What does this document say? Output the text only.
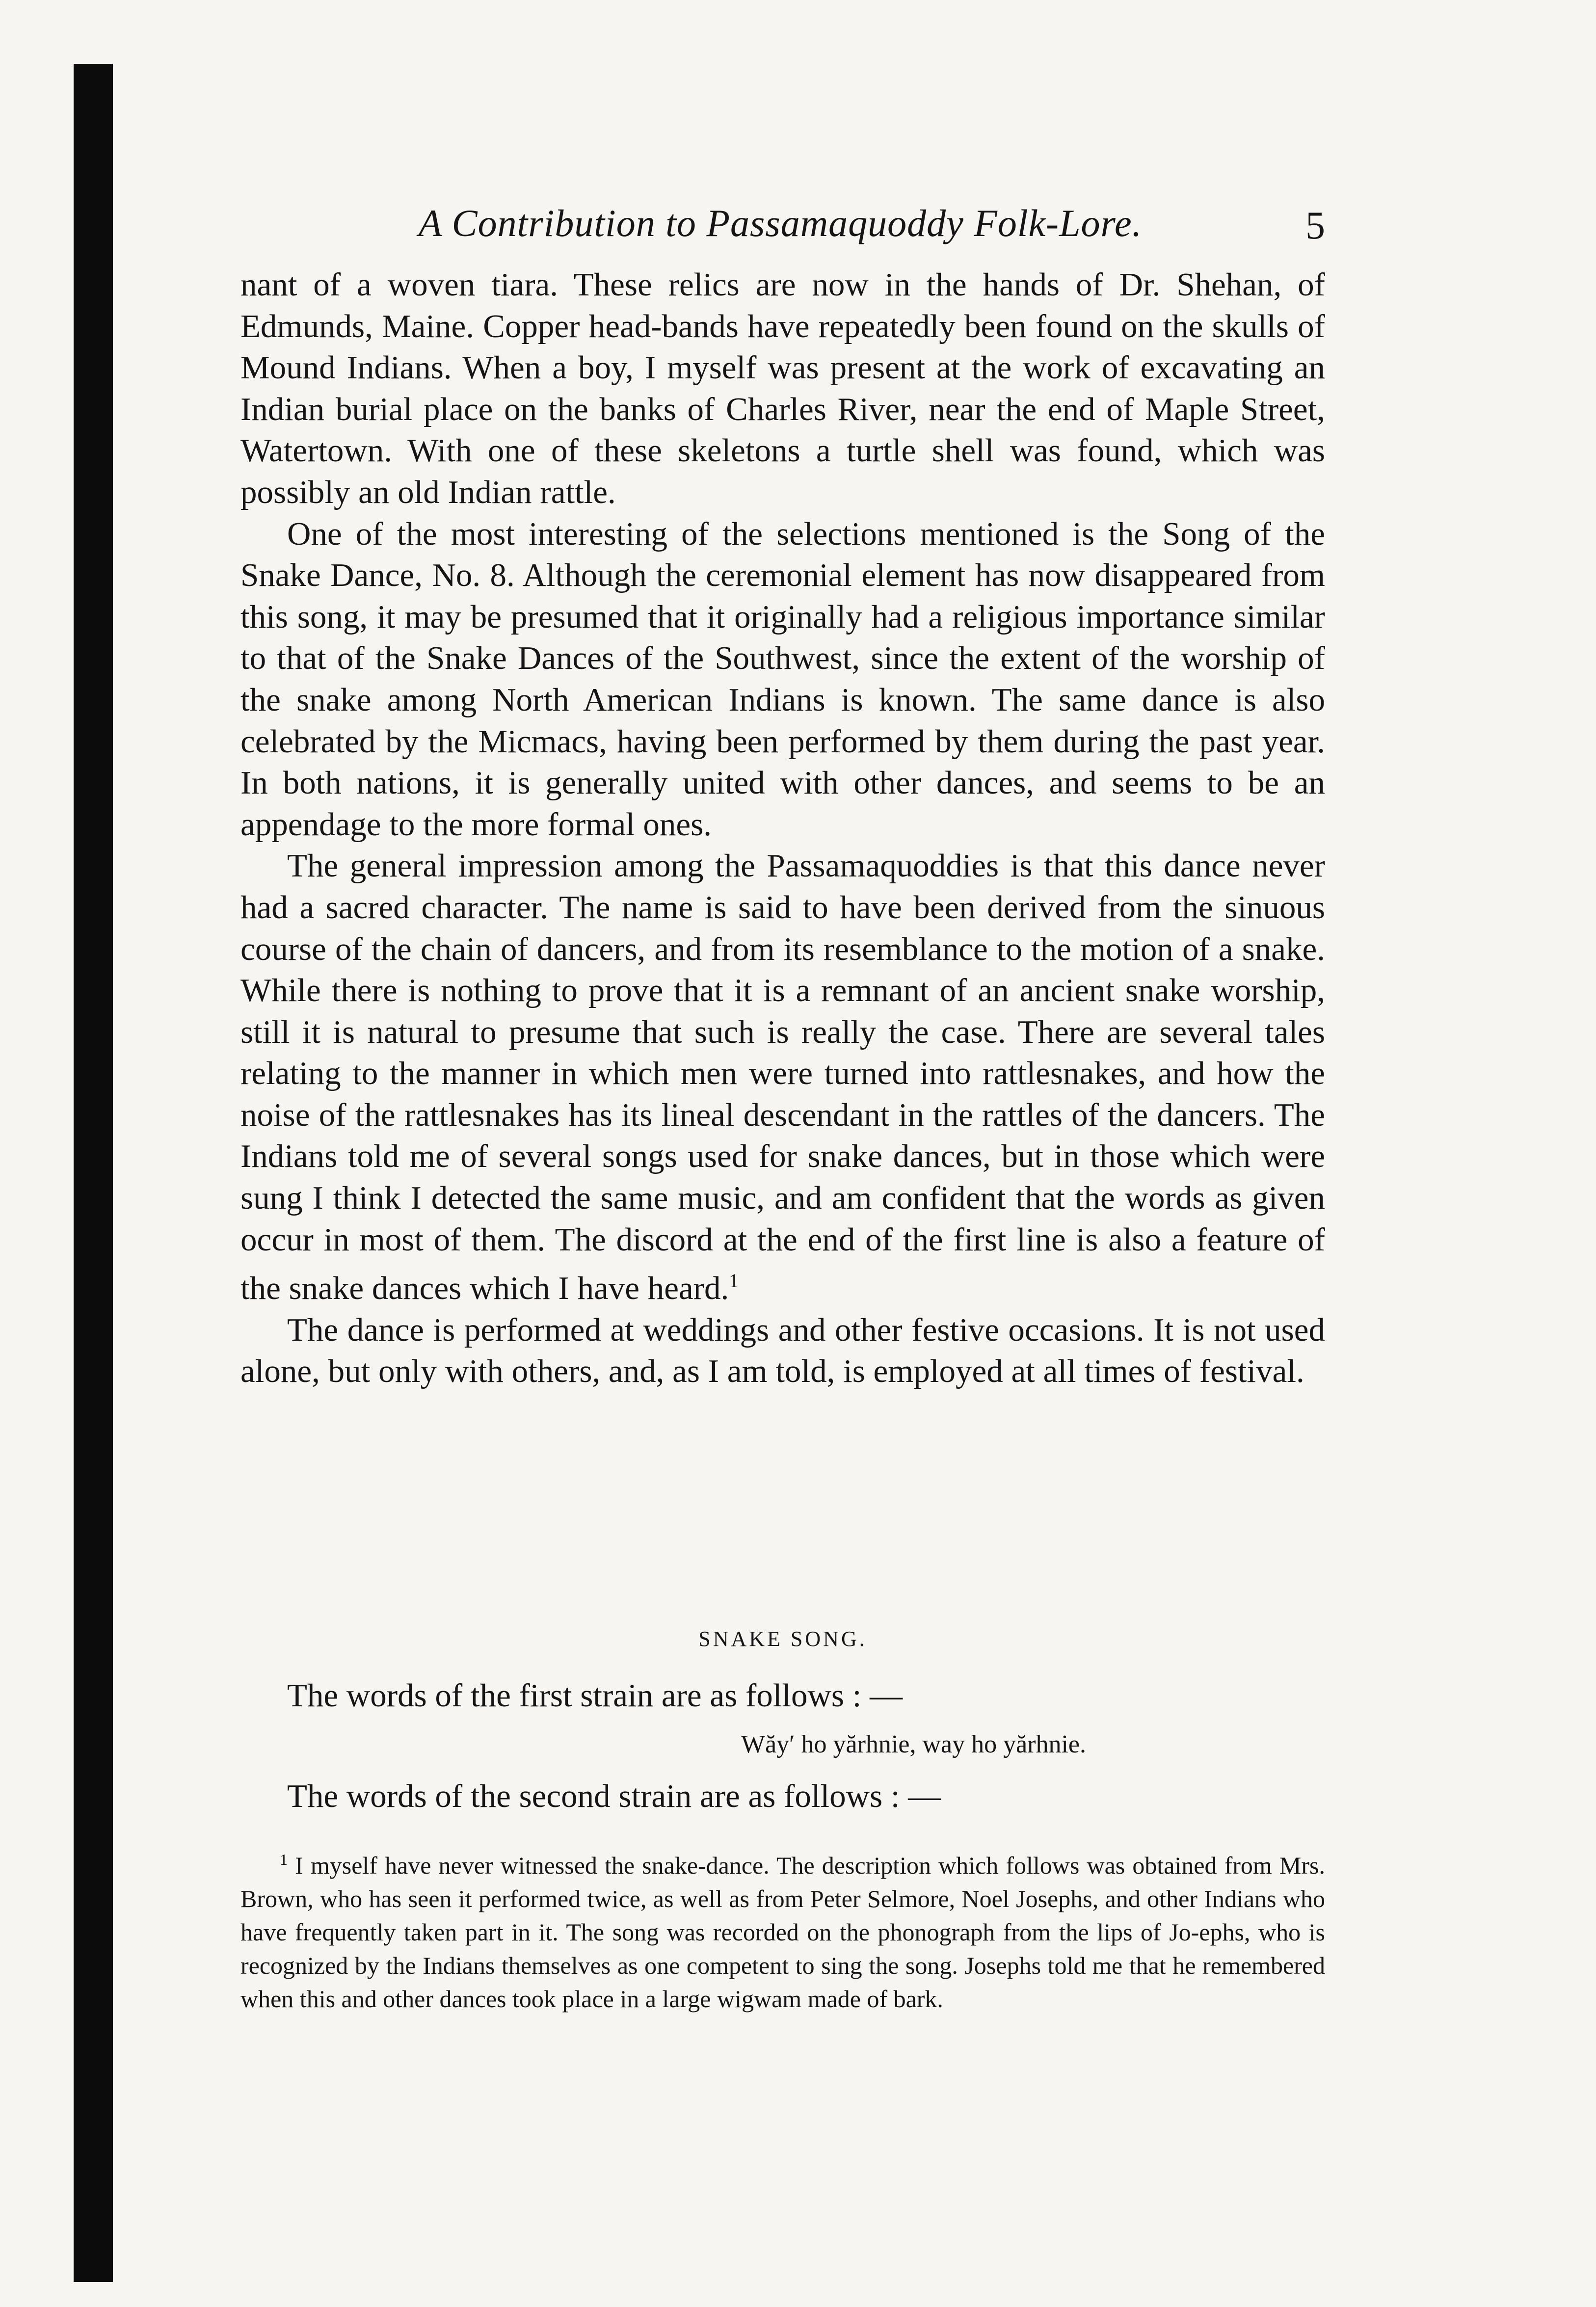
A Contribution to Passamaquoddy Folk-Lore.	5

nant of a woven tiara. These relics are now in the hands of Dr. Shehan, of Edmunds, Maine. Copper head-bands have repeatedly been found on the skulls of Mound Indians. When a boy, I myself was present at the work of excavating an Indian burial place on the banks of Charles River, near the end of Maple Street, Watertown. With one of these skeletons a turtle shell was found, which was possibly an old Indian rattle.

One of the most interesting of the selections mentioned is the Song of the Snake Dance, No. 8. Although the ceremonial element has now disappeared from this song, it may be presumed that it originally had a religious importance similar to that of the Snake Dances of the Southwest, since the extent of the worship of the snake among North American Indians is known. The same dance is also celebrated by the Micmacs, having been performed by them during the past year. In both nations, it is generally united with other dances, and seems to be an appendage to the more formal ones.

The general impression among the Passamaquoddies is that this dance never had a sacred character. The name is said to have been derived from the sinuous course of the chain of dancers, and from its resemblance to the motion of a snake. While there is nothing to prove that it is a remnant of an ancient snake worship, still it is natural to presume that such is really the case. There are several tales relating to the manner in which men were turned into rattlesnakes, and how the noise of the rattlesnakes has its lineal descendant in the rattles of the dancers. The Indians told me of several songs used for snake dances, but in those which were sung I think I detected the same music, and am confident that the words as given occur in most of them. The discord at the end of the first line is also a feature of the snake dances which I have heard.$^1$

The dance is performed at weddings and other festive occasions. It is not used alone, but only with others, and, as I am told, is employed at all times of festival.

SNAKE SONG.
The words of the first strain are as follows : —
Wăy′ ho yărhnie, way ho yărhnie.
The words of the second strain are as follows : —
$^1$ I myself have never witnessed the snake-dance. The description which follows was obtained from Mrs. Brown, who has seen it performed twice, as well as from Peter Selmore, Noel Josephs, and other Indians who have frequently taken part in it. The song was recorded on the phonograph from the lips of Jo-ephs, who is recognized by the Indians themselves as one competent to sing the song. Josephs told me that he remembered when this and other dances took place in a large wigwam made of bark.
